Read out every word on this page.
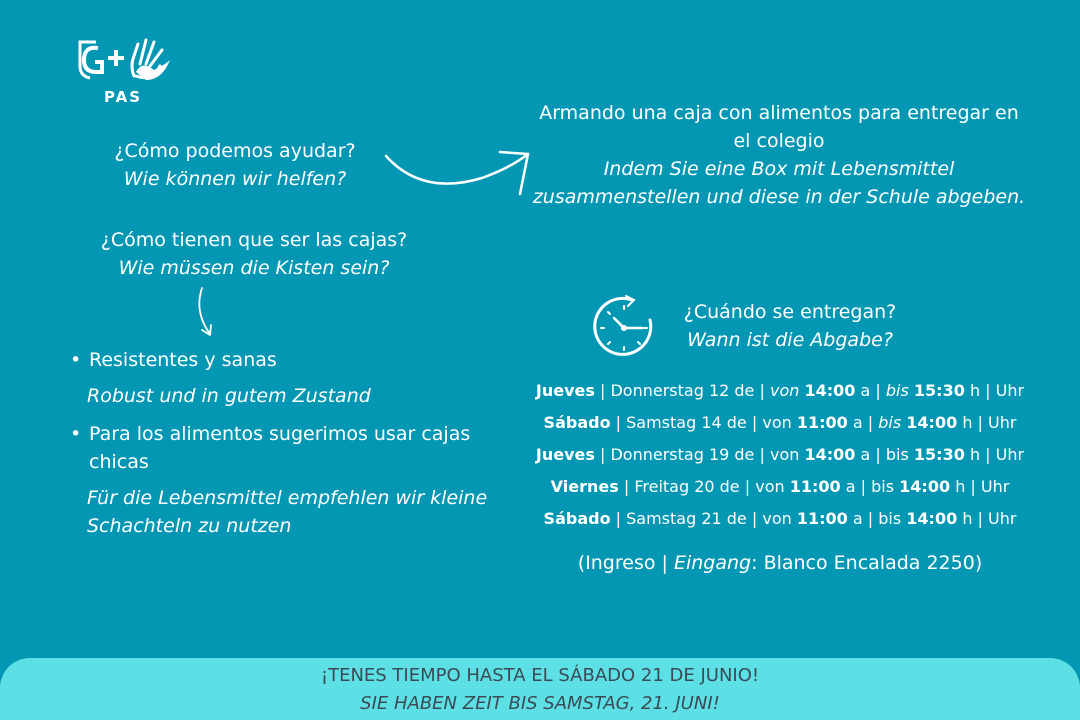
PAS
¿Cómo podemos ayudar?
Wie können wir helfen?
Armando una caja con alimentos para entregar en el colegio
Indem Sie eine Box mit Lebensmittel zusammenstellen und diese in der Schule abgeben.
¿Cómo tienen que ser las cajas?
Wie müssen die Kisten sein?
• Resistentes y sanas
Robust und in gutem Zustand
• Para los alimentos sugerimos usar cajas chicas
Für die Lebensmittel empfehlen wir kleine Schachteln zu nutzen
¿Cuándo se entregan?
Wann ist die Abgabe?
Jueves | Donnerstag 12 de | von 14:00 a | bis 15:30 h | Uhr
Sábado | Samstag 14 de | von 11:00 a | bis 14:00 h | Uhr
Jueves | Donnerstag 19 de | von 14:00 a | bis 15:30 h | Uhr
Viernes | Freitag 20 de | von 11:00 a | bis 14:00 h | Uhr
Sábado | Samstag 21 de | von 11:00 a | bis 14:00 h | Uhr
(Ingreso | Eingang: Blanco Encalada 2250)
¡TENES TIEMPO HASTA EL SÁBADO 21 DE JUNIO!
SIE HABEN ZEIT BIS SAMSTAG, 21. JUNI!
